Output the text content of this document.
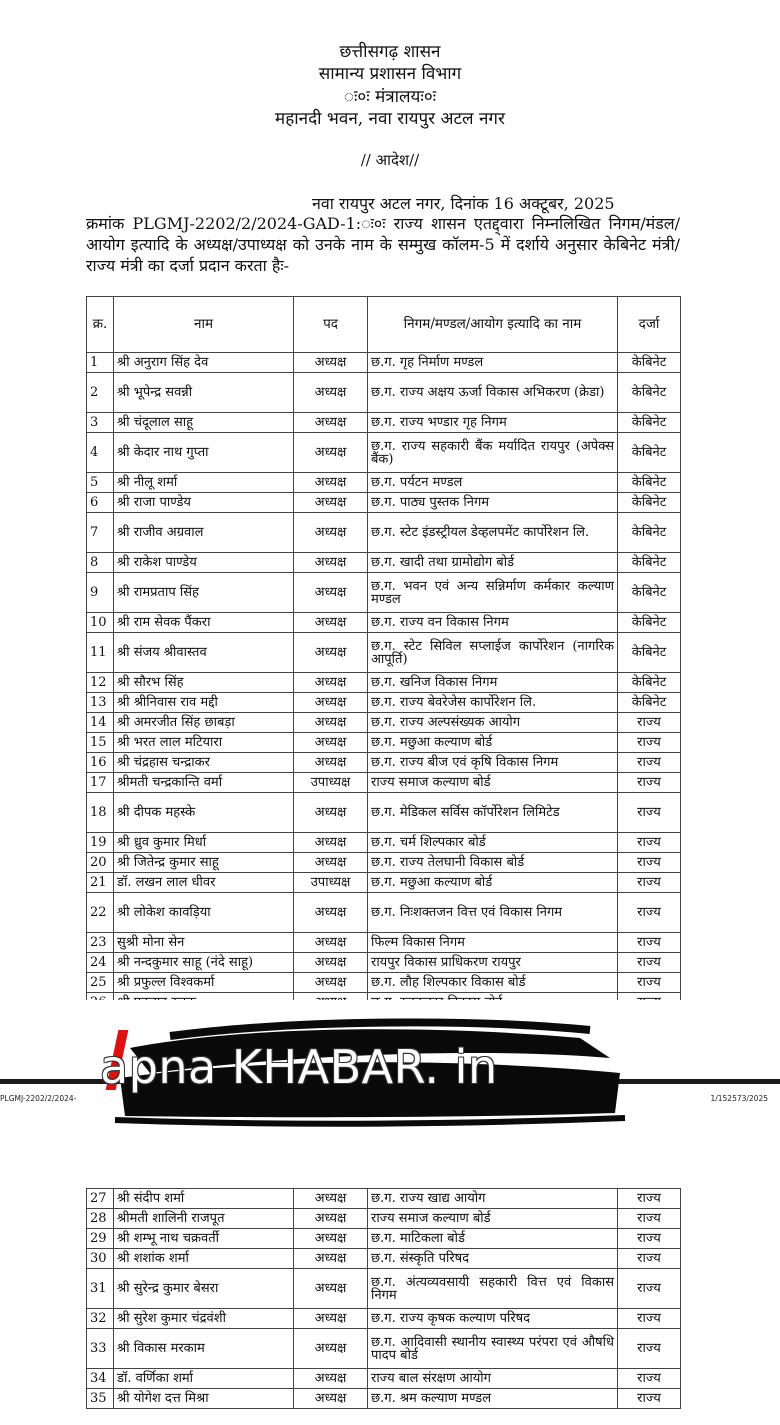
छत्तीसगढ़ शासन
सामान्य प्रशासन विभाग
ः०ः मंत्रालयः०ः
महानदी भवन, नवा रायपुर अटल नगर
// आदेश//
नवा रायपुर अटल नगर, दिनांक 16 अक्टूबर, 2025
क्रमांक PLGMJ-2202/2/2024-GAD-1:ः०ः राज्य शासन एतद्द्वारा निम्नलिखित निगम/मंडल/आयोग इत्यादि के अध्यक्ष/उपाध्यक्ष को उनके नाम के सम्मुख कॉलम-5 में दर्शाये अनुसार केबिनेट मंत्री/राज्य मंत्री का दर्जा प्रदान करता हैः-
क्र.	नाम	पद	निगम/मण्डल/आयोग इत्यादि का नाम	दर्जा
1	श्री अनुराग सिंह देव	अध्यक्ष	छ.ग. गृह निर्माण मण्डल	केबिनेट
2	श्री भूपेन्द्र सवन्नी	अध्यक्ष	छ.ग. राज्य अक्षय ऊर्जा विकास अभिकरण (क्रेडा)	केबिनेट
3	श्री चंदूलाल साहू	अध्यक्ष	छ.ग. राज्य भण्डार गृह निगम	केबिनेट
4	श्री केदार नाथ गुप्ता	अध्यक्ष	छ.ग. राज्य सहकारी बैंक मर्यादित रायपुर (अपेक्स बैंक)	केबिनेट
5	श्री नीलू शर्मा	अध्यक्ष	छ.ग. पर्यटन मण्डल	केबिनेट
6	श्री राजा पाण्डेय	अध्यक्ष	छ.ग. पाठ्य पुस्तक निगम	केबिनेट
7	श्री राजीव अग्रवाल	अध्यक्ष	छ.ग. स्टेट इंडस्ट्रीयल डेव्हलपमेंट कार्पोरेशन लि.	केबिनेट
8	श्री राकेश पाण्डेय	अध्यक्ष	छ.ग. खादी तथा ग्रामोद्योग बोर्ड	केबिनेट
9	श्री रामप्रताप सिंह	अध्यक्ष	छ.ग. भवन एवं अन्य सन्निर्माण कर्मकार कल्याण मण्डल	केबिनेट
10	श्री राम सेवक पैंकरा	अध्यक्ष	छ.ग. राज्य वन विकास निगम	केबिनेट
11	श्री संजय श्रीवास्तव	अध्यक्ष	छ.ग. स्टेट सिविल सप्लाईज कार्पोरेशन (नागरिक आपूर्ति)	केबिनेट
12	श्री सौरभ सिंह	अध्यक्ष	छ.ग. खनिज विकास निगम	केबिनेट
13	श्री श्रीनिवास राव मद्दी	अध्यक्ष	छ.ग. राज्य बेवरेजेस कार्पोरेशन लि.	केबिनेट
14	श्री अमरजीत सिंह छाबड़ा	अध्यक्ष	छ.ग. राज्य अल्पसंख्यक आयोग	राज्य
15	श्री भरत लाल मटियारा	अध्यक्ष	छ.ग. मछुआ कल्याण बोर्ड	राज्य
16	श्री चंद्रहास चन्द्राकर	अध्यक्ष	छ.ग. राज्य बीज एवं कृषि विकास निगम	राज्य
17	श्रीमती चन्द्रकान्ति वर्मा	उपाध्यक्ष	राज्य समाज कल्याण बोर्ड	राज्य
18	श्री दीपक महस्के	अध्यक्ष	छ.ग. मेडिकल सर्विस कॉर्पोरेशन लिमिटेड	राज्य
19	श्री ध्रुव कुमार मिर्धा	अध्यक्ष	छ.ग. चर्म शिल्पकार बोर्ड	राज्य
20	श्री जितेन्द्र कुमार साहू	अध्यक्ष	छ.ग. राज्य तेलघानी विकास बोर्ड	राज्य
21	डॉ. लखन लाल धीवर	उपाध्यक्ष	छ.ग. मछुआ कल्याण बोर्ड	राज्य
22	श्री लोकेश कावड़िया	अध्यक्ष	छ.ग. निःशक्तजन वित्त एवं विकास निगम	राज्य
23	सुश्री मोना सेन	अध्यक्ष	फिल्म विकास निगम	राज्य
24	श्री नन्दकुमार साहू (नंदे साहू)	अध्यक्ष	रायपुर विकास प्राधिकरण रायपुर	राज्य
25	श्री प्रफुल्ल विश्वकर्मा	अध्यक्ष	छ.ग. लौह शिल्पकार विकास बोर्ड	राज्य

PLGMJ-2202/2/2024-	1/152573/2025
apna KHABAR. in
27	श्री संदीप शर्मा	अध्यक्ष	छ.ग. राज्य खाद्य आयोग	राज्य
28	श्रीमती शालिनी राजपूत	अध्यक्ष	राज्य समाज कल्याण बोर्ड	राज्य
29	श्री शम्भू नाथ चक्रवर्ती	अध्यक्ष	छ.ग. माटिकला बोर्ड	राज्य
30	श्री शशांक शर्मा	अध्यक्ष	छ.ग. संस्कृति परिषद	राज्य
31	श्री सुरेन्द्र कुमार बेसरा	अध्यक्ष	छ.ग. अंत्यव्यवसायी सहकारी वित्त एवं विकास निगम	राज्य
32	श्री सुरेश कुमार चंद्रवंशी	अध्यक्ष	छ.ग. राज्य कृषक कल्याण परिषद	राज्य
33	श्री विकास मरकाम	अध्यक्ष	छ.ग. आदिवासी स्थानीय स्वास्थ्य परंपरा एवं औषधि पादप बोर्ड	राज्य
34	डॉ. वर्णिका शर्मा	अध्यक्ष	राज्य बाल संरक्षण आयोग	राज्य
35	श्री योगेश दत्त मिश्रा	अध्यक्ष	छ.ग. श्रम कल्याण मण्डल	राज्य
